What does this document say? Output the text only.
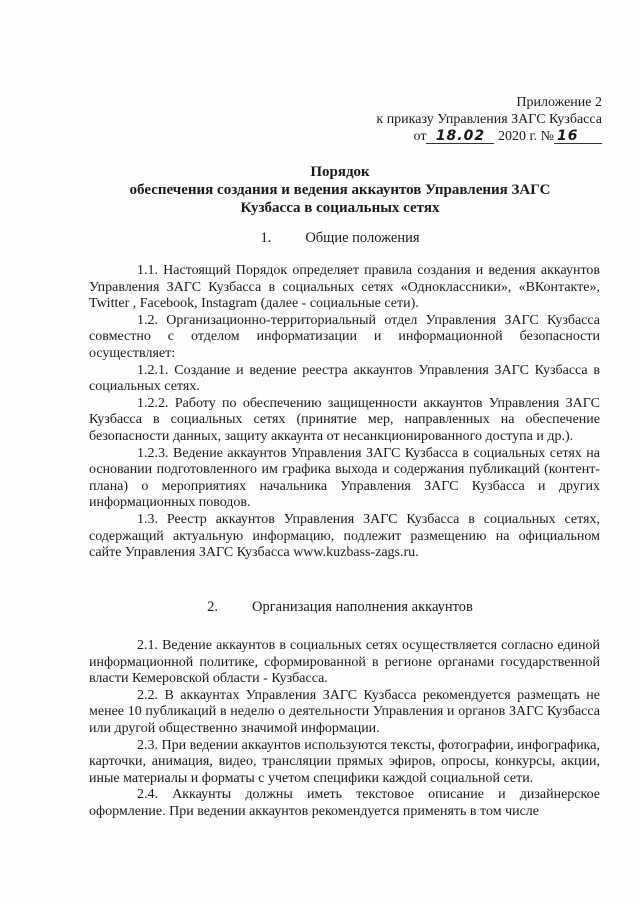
Приложение 2
к приказу Управления ЗАГС Кузбасса
от 18.02 2020 г. № 16
Порядок
обеспечения создания и ведения аккаунтов Управления ЗАГС
Кузбасса в социальных сетях
1. Общие положения

1.1. Настоящий Порядок определяет правила создания и ведения аккаунтов Управления ЗАГС Кузбасса в социальных сетях «Одноклассники», «ВКонтакте», Twitter , Facebook, Instagram (далее - социальные сети).

1.2. Организационно-территориальный отдел Управления ЗАГС Кузбасса совместно с отделом информатизации и информационной безопасности осуществляет:

1.2.1. Создание и ведение реестра аккаунтов Управления ЗАГС Кузбасса в социальных сетях.

1.2.2. Работу по обеспечению защищенности аккаунтов Управления ЗАГС Кузбасса в социальных сетях (принятие мер, направленных на обеспечение безопасности данных, защиту аккаунта от несанкционированного доступа и др.).

1.2.3. Ведение аккаунтов Управления ЗАГС Кузбасса в социальных сетях на основании подготовленного им графика выхода и содержания публикаций (контент-плана) о мероприятиях начальника Управления ЗАГС Кузбасса и других информационных поводов.

1.3. Реестр аккаунтов Управления ЗАГС Кузбасса в социальных сетях, содержащий актуальную информацию, подлежит размещению на официальном сайте Управления ЗАГС Кузбасса www.kuzbass-zags.ru.

2. Организация наполнения аккаунтов

2.1. Ведение аккаунтов в социальных сетях осуществляется согласно единой информационной политике, сформированной в регионе органами государственной власти Кемеровской области - Кузбасса.

2.2. В аккаунтах Управления ЗАГС Кузбасса рекомендуется размещать не менее 10 публикаций в неделю о деятельности Управления и органов ЗАГС Кузбасса или другой общественно значимой информации.

2.3. При ведении аккаунтов используются тексты, фотографии, инфографика, карточки, анимация, видео, трансляции прямых эфиров, опросы, конкурсы, акции, иные материалы и форматы с учетом специфики каждой социальной сети.

2.4. Аккаунты должны иметь текстовое описание и дизайнерское оформление. При ведении аккаунтов рекомендуется применять в том числе
